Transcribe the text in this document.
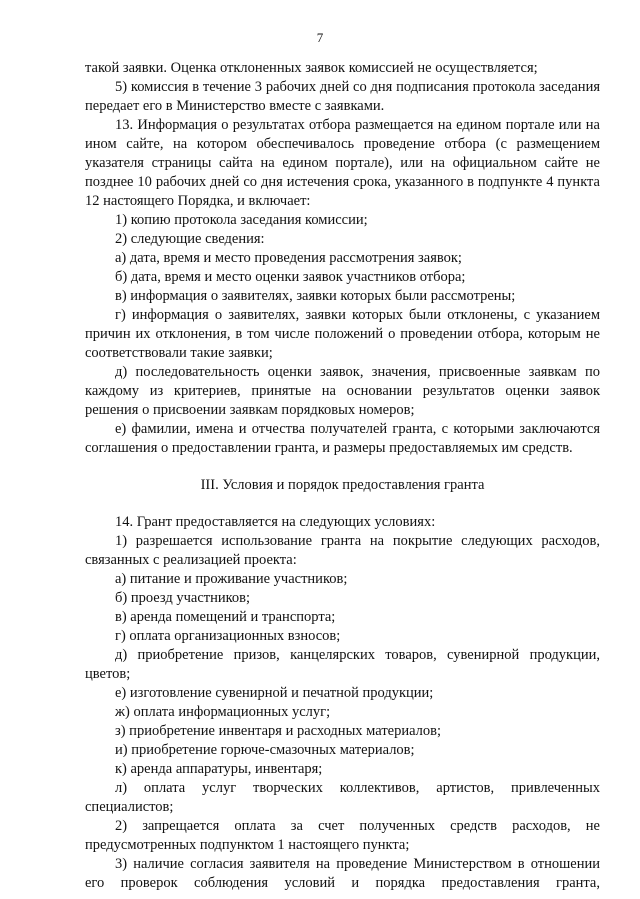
7

такой заявки. Оценка отклоненных заявок комиссией не осуществляется;

5) комиссия в течение 3 рабочих дней со дня подписания протокола заседания передает его в Министерство вместе с заявками.

13. Информация о результатах отбора размещается на едином портале или на ином сайте, на котором обеспечивалось проведение отбора (с размещением указателя страницы сайта на едином портале), или на официальном сайте не позднее 10 рабочих дней со дня истечения срока, указанного в подпункте 4 пункта 12 настоящего Порядка, и включает:

1) копию протокола заседания комиссии;

2) следующие сведения:

а) дата, время и место проведения рассмотрения заявок;

б) дата, время и место оценки заявок участников отбора;

в) информация о заявителях, заявки которых были рассмотрены;

г) информация о заявителях, заявки которых были отклонены, с указанием причин их отклонения, в том числе положений о проведении отбора, которым не соответствовали такие заявки;

д) последовательность оценки заявок, значения, присвоенные заявкам по каждому из критериев, принятые на основании результатов оценки заявок решения о присвоении заявкам порядковых номеров;

е) фамилии, имена и отчества получателей гранта, с которыми заключаются соглашения о предоставлении гранта, и размеры предоставляемых им средств.

III. Условия и порядок предоставления гранта

14. Грант предоставляется на следующих условиях:

1) разрешается использование гранта на покрытие следующих расходов, связанных с реализацией проекта:

а) питание и проживание участников;

б) проезд участников;

в) аренда помещений и транспорта;

г) оплата организационных взносов;

д) приобретение призов, канцелярских товаров, сувенирной продукции, цветов;

е) изготовление сувенирной и печатной продукции;

ж) оплата информационных услуг;

з) приобретение инвентаря и расходных материалов;

и) приобретение горюче-смазочных материалов;

к) аренда аппаратуры, инвентаря;

л) оплата услуг творческих коллективов, артистов, привлеченных специалистов;

2) запрещается оплата за счет полученных средств расходов, не предусмотренных подпунктом 1 настоящего пункта;

3) наличие согласия заявителя на проведение Министерством в отношении его проверок соблюдения условий и порядка предоставления гранта,
